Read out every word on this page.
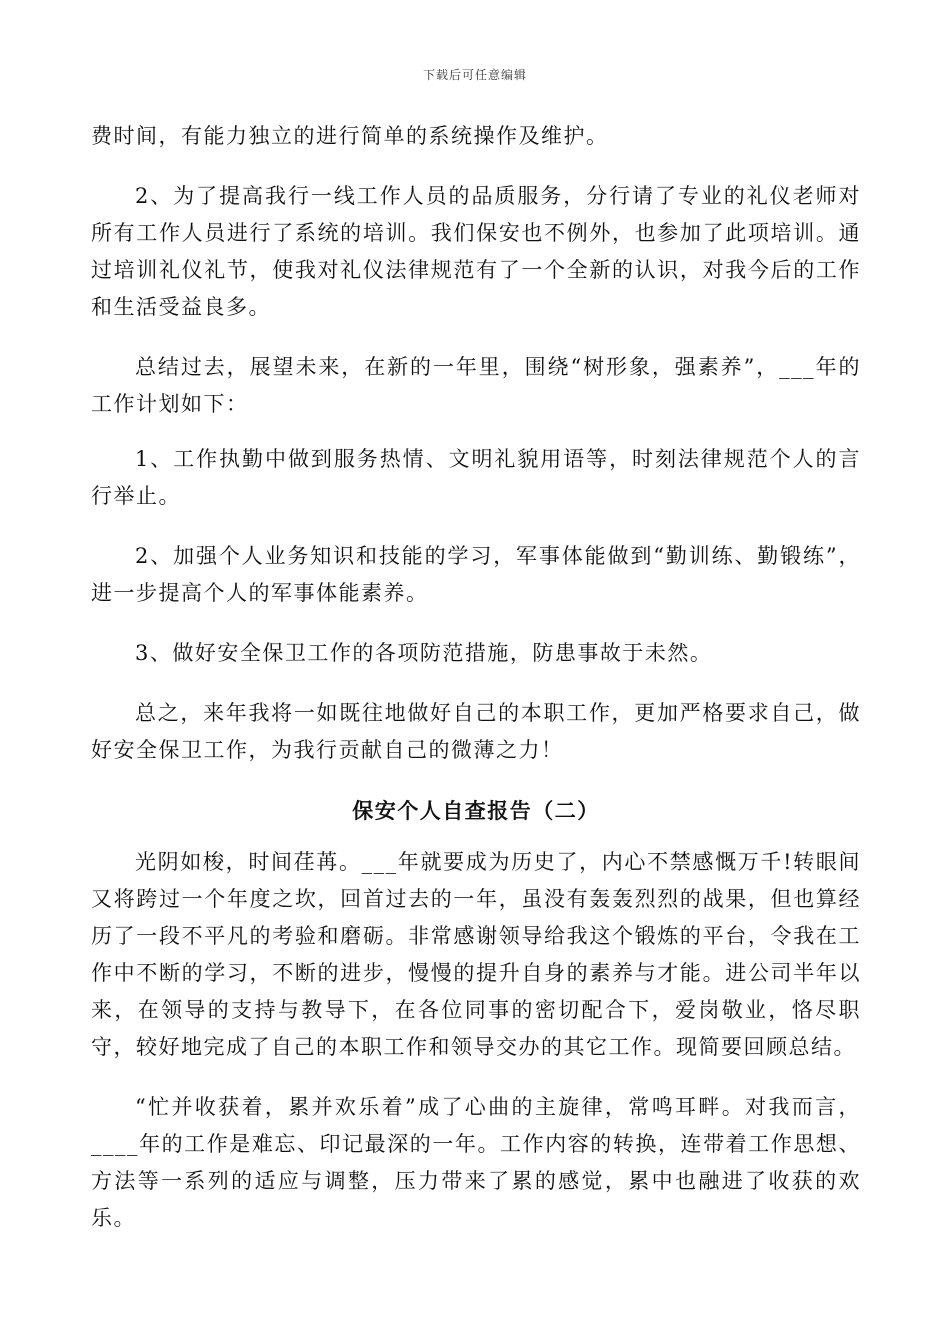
下载后可任意编辑

费时间，有能力独立的进行简单的系统操作及维护。

2、为了提高我行一线工作人员的品质服务，分行请了专业的礼仪老师对所有工作人员进行了系统的培训。我们保安也不例外，也参加了此项培训。通过培训礼仪礼节，使我对礼仪法律规范有了一个全新的认识，对我今后的工作和生活受益良多。

总结过去，展望未来，在新的一年里，围绕“树形象，强素养”，___年的工作计划如下：

1、工作执勤中做到服务热情、文明礼貌用语等，时刻法律规范个人的言行举止。

2、加强个人业务知识和技能的学习，军事体能做到“勤训练、勤锻练”，进一步提高个人的军事体能素养。

3、做好安全保卫工作的各项防范措施，防患事故于未然。

总之，来年我将一如既往地做好自己的本职工作，更加严格要求自己，做好安全保卫工作，为我行贡献自己的微薄之力！

保安个人自查报告（二）

光阴如梭，时间荏苒。___年就要成为历史了，内心不禁感慨万千!转眼间又将跨过一个年度之坎，回首过去的一年，虽没有轰轰烈烈的战果，但也算经历了一段不平凡的考验和磨砺。非常感谢领导给我这个锻炼的平台，令我在工作中不断的学习，不断的进步，慢慢的提升自身的素养与才能。进公司半年以来，在领导的支持与教导下，在各位同事的密切配合下，爱岗敬业，恪尽职守，较好地完成了自己的本职工作和领导交办的其它工作。现简要回顾总结。

“忙并收获着，累并欢乐着”成了心曲的主旋律，常鸣耳畔。对我而言，____年的工作是难忘、印记最深的一年。工作内容的转换，连带着工作思想、方法等一系列的适应与调整，压力带来了累的感觉，累中也融进了收获的欢乐。
